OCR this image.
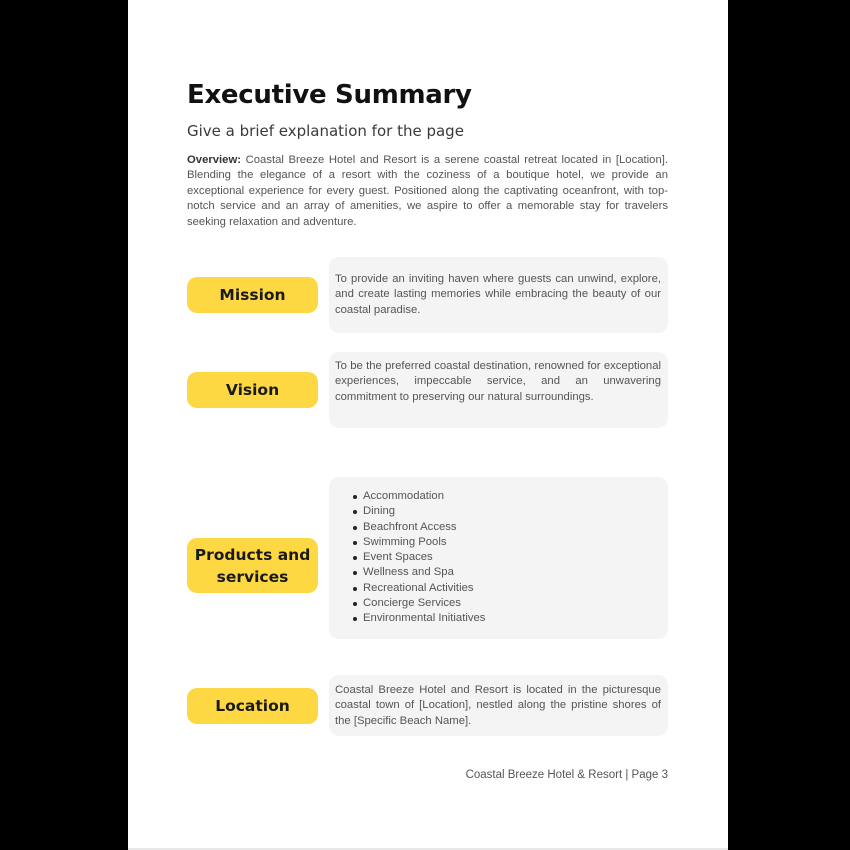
Executive Summary
Give a brief explanation for the page

Overview: Coastal Breeze Hotel and Resort is a serene coastal retreat located in [Location]. Blending the elegance of a resort with the coziness of a boutique hotel, we provide an exceptional experience for every guest. Positioned along the captivating oceanfront, with top-notch service and an array of amenities, we aspire to offer a memorable stay for travelers seeking relaxation and adventure.

Mission
To provide an inviting haven where guests can unwind, explore, and create lasting memories while embracing the beauty of our coastal paradise.
Vision
To be the preferred coastal destination, renowned for exceptional experiences, impeccable service, and an unwavering commitment to preserving our natural surroundings.
Products and services
Accommodation
Dining
Beachfront Access
Swimming Pools
Event Spaces
Wellness and Spa
Recreational Activities
Concierge Services
Environmental Initiatives
Location
Coastal Breeze Hotel and Resort is located in the picturesque coastal town of [Location], nestled along the pristine shores of the [Specific Beach Name].
Coastal Breeze Hotel & Resort | Page 3
